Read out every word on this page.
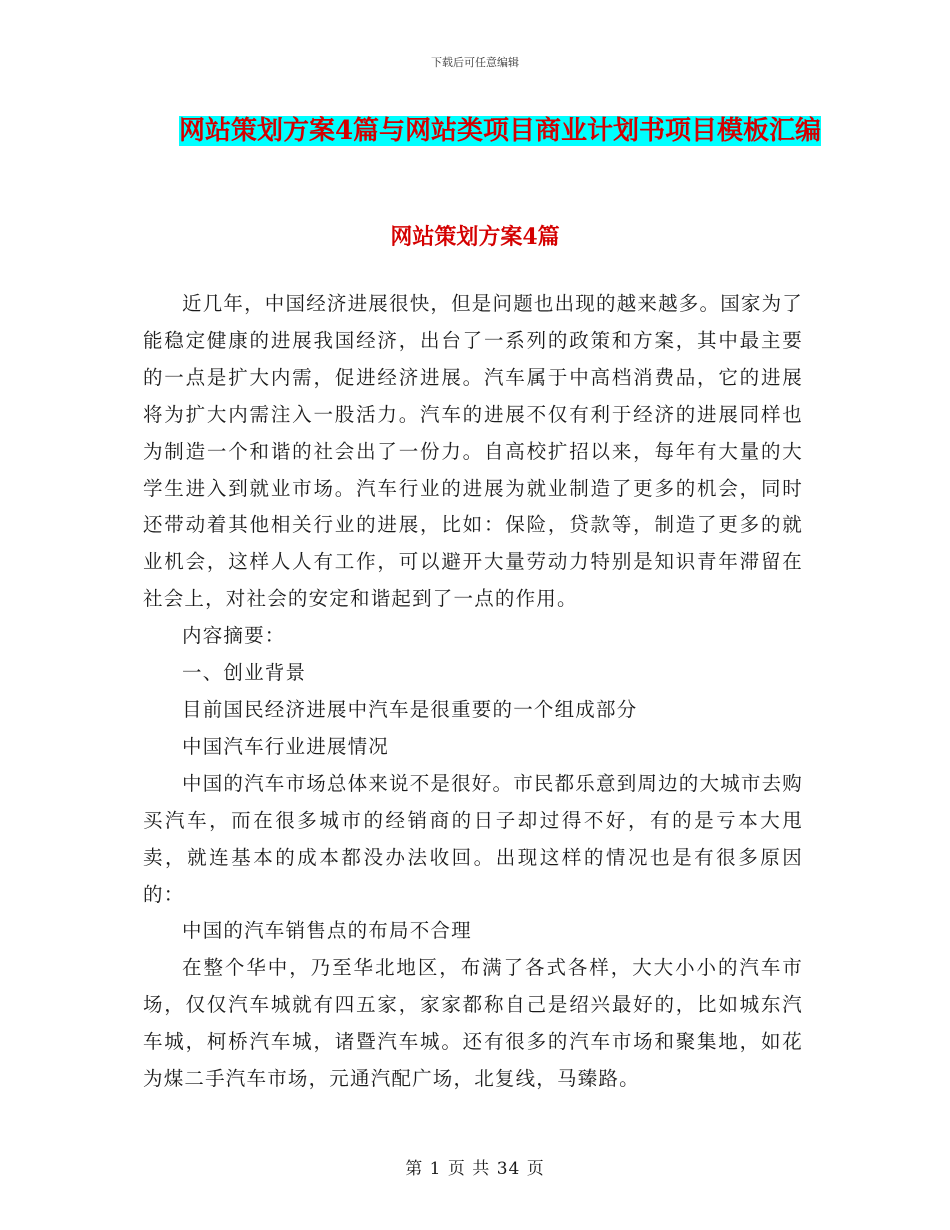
下载后可任意编辑
网站策划方案4篇与网站类项目商业计划书项目模板汇编
网站策划方案4篇

近几年，中国经济进展很快，但是问题也出现的越来越多。国家为了能稳定健康的进展我国经济，出台了一系列的政策和方案，其中最主要的一点是扩大内需，促进经济进展。汽车属于中高档消费品，它的进展将为扩大内需注入一股活力。汽车的进展不仅有利于经济的进展同样也为制造一个和谐的社会出了一份力。自高校扩招以来，每年有大量的大学生进入到就业市场。汽车行业的进展为就业制造了更多的机会，同时还带动着其他相关行业的进展，比如：保险，贷款等，制造了更多的就业机会，这样人人有工作，可以避开大量劳动力特别是知识青年滞留在社会上，对社会的安定和谐起到了一点的作用。

内容摘要：

一、创业背景

目前国民经济进展中汽车是很重要的一个组成部分

中国汽车行业进展情况

中国的汽车市场总体来说不是很好。市民都乐意到周边的大城市去购买汽车，而在很多城市的经销商的日子却过得不好，有的是亏本大甩卖，就连基本的成本都没办法收回。出现这样的情况也是有很多原因的：

中国的汽车销售点的布局不合理

在整个华中，乃至华北地区，布满了各式各样，大大小小的汽车市场，仅仅汽车城就有四五家，家家都称自己是绍兴最好的，比如城东汽车城，柯桥汽车城，诸暨汽车城。还有很多的汽车市场和聚集地，如花为煤二手汽车市场，元通汽配广场，北复线，马臻路。

第 1 页 共 34 页
